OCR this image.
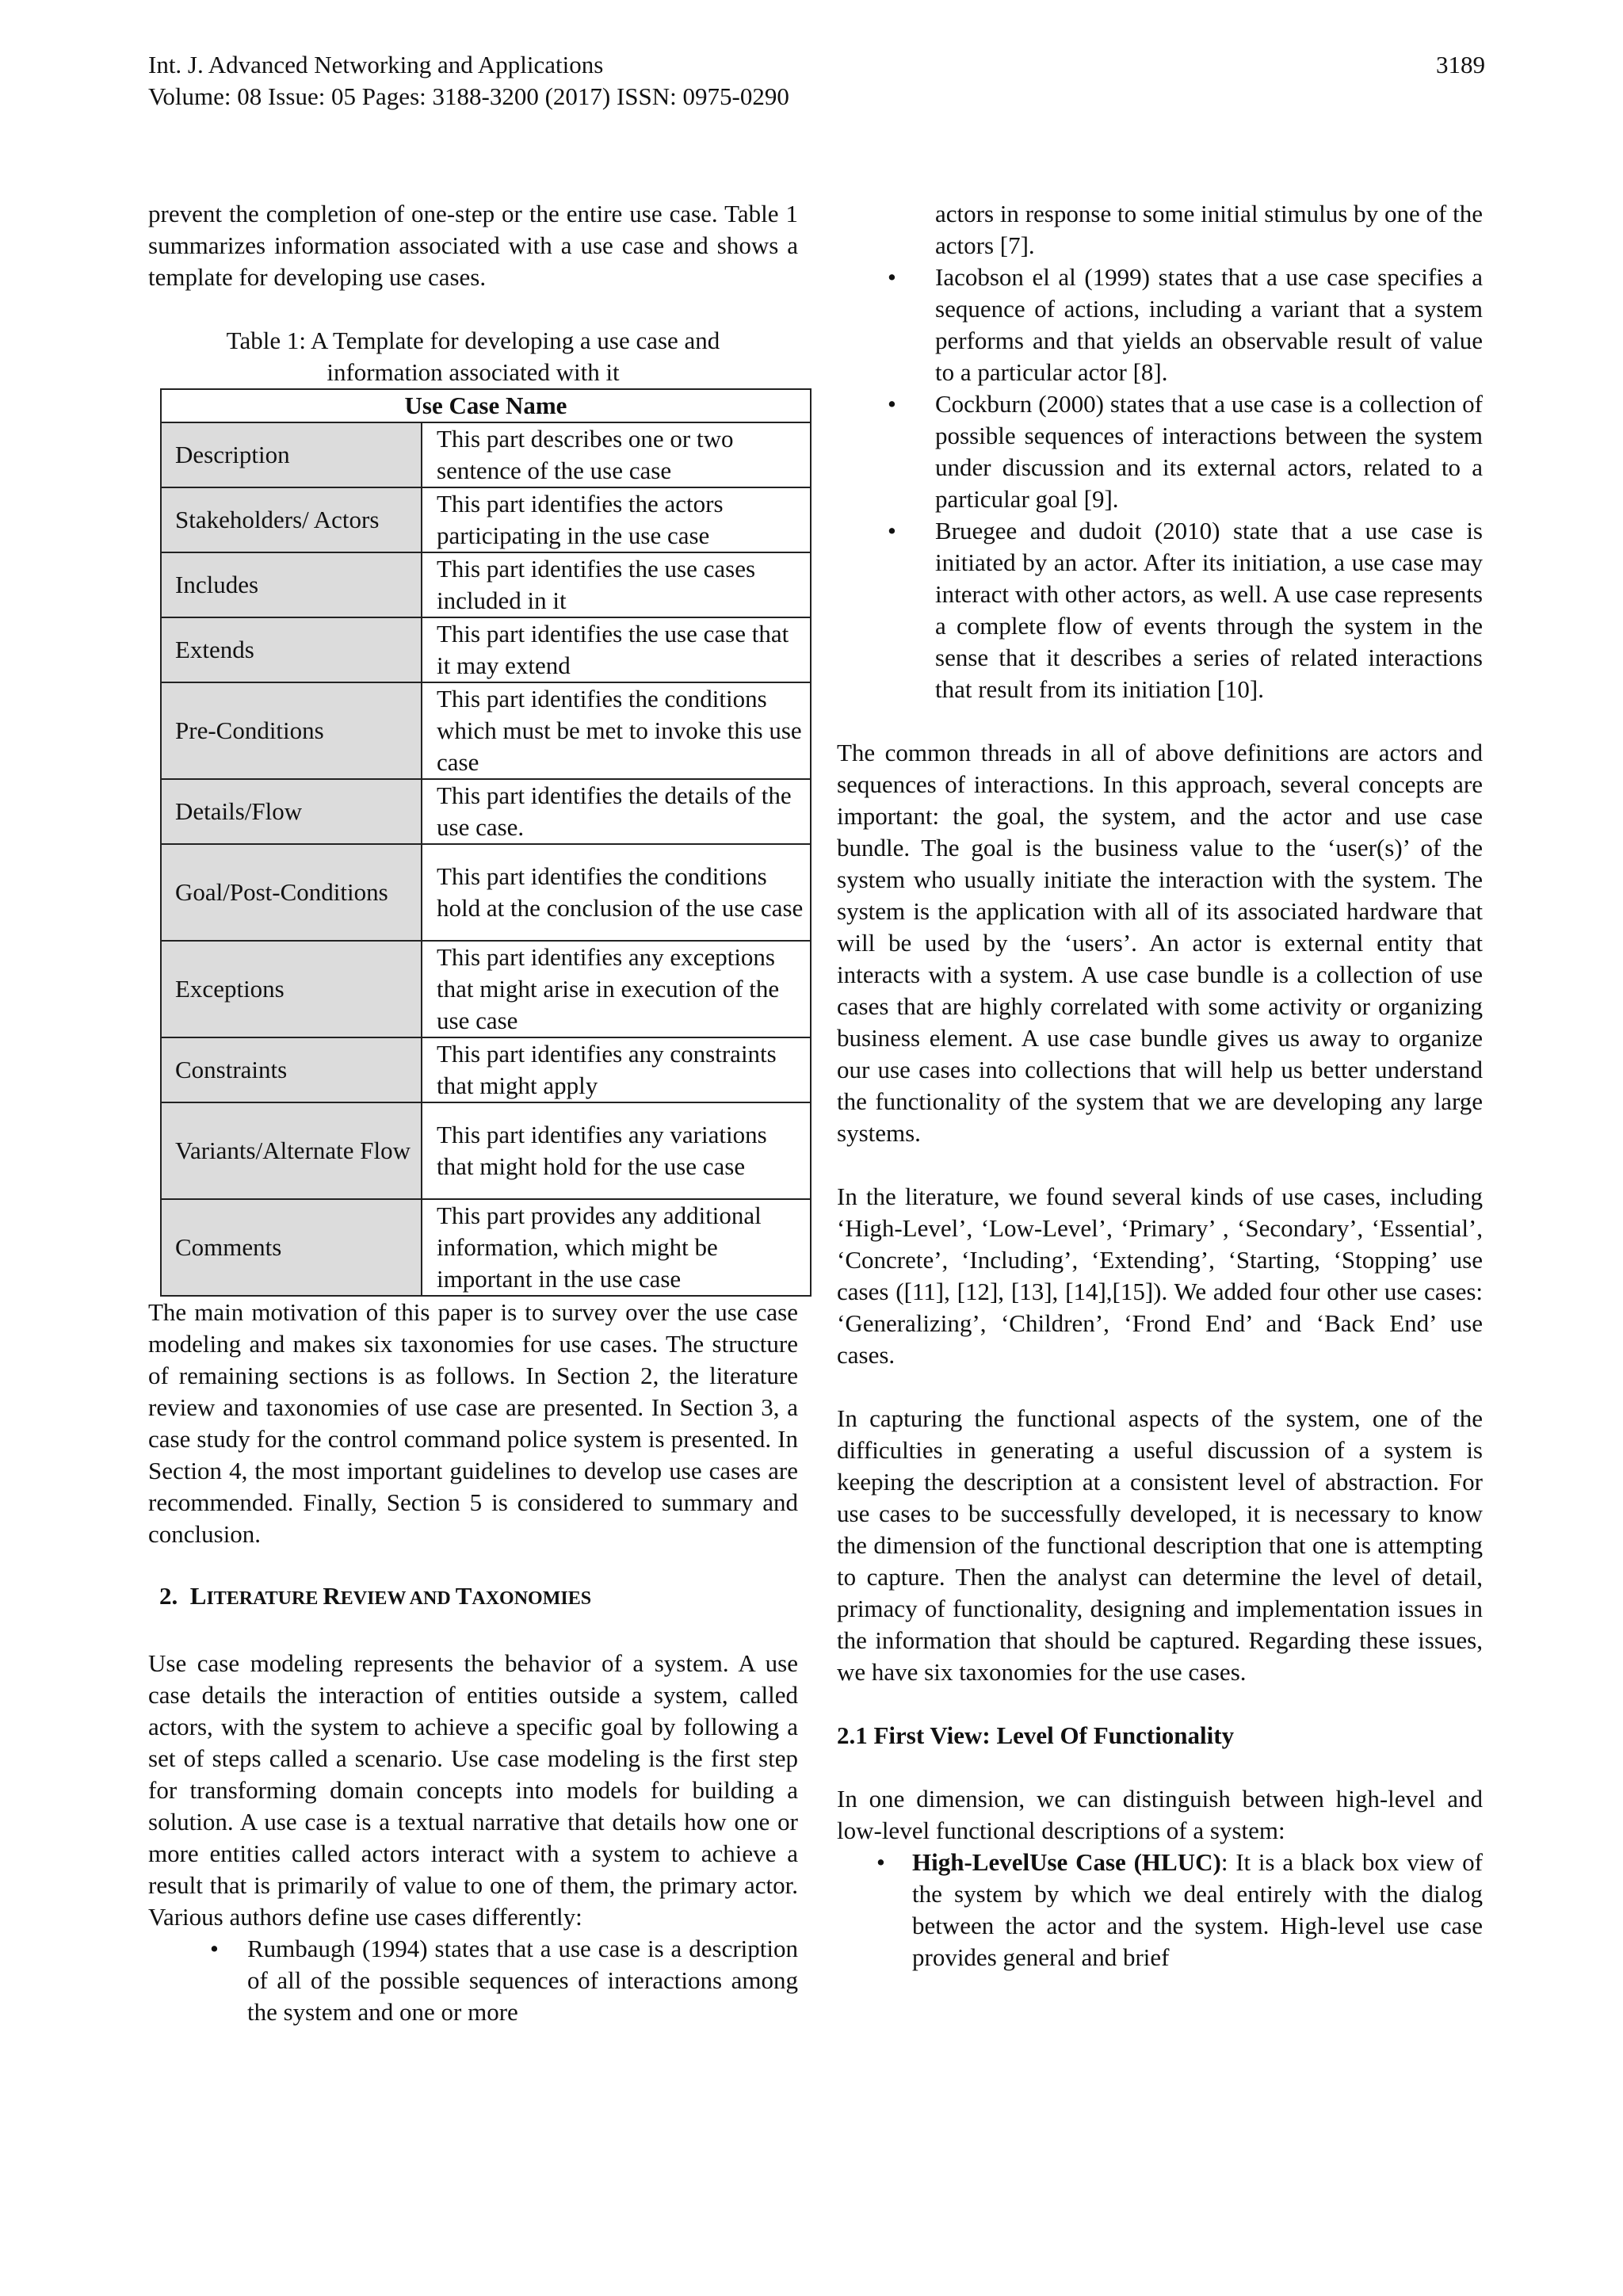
Int. J. Advanced Networking and Applications
Volume: 08 Issue: 05 Pages: 3188-3200 (2017) ISSN: 0975-0290
3189

prevent the completion of one-step or the entire use case. Table 1 summarizes information associated with a use case and shows a template for developing use cases.

Table 1: A Template for developing a use case and

information associated with it

Use Case Name	
Description	This part describes one or two sentence of the use case
Stakeholders/ Actors	This part identifies the actors participating in the use case
Includes	This part identifies the use cases included in it
Extends	This part identifies the use case that it may extend
Pre-Conditions	This part identifies the conditions which must be met to invoke this use case
Details/Flow	This part identifies the details of the use case.
Goal/Post-Conditions	This part identifies the conditions hold at the conclusion of the use case
Exceptions	This part identifies any exceptions that might arise in execution of the use case
Constraints	This part identifies any constraints that might apply
Variants/Alternate Flow	This part identifies any variations that might hold for the use case
Comments	This part provides any additional information, which might be important in the use case

The main motivation of this paper is to survey over the use case modeling and makes six taxonomies for use cases. The structure of remaining sections is as follows. In Section 2, the literature review and taxonomies of use case are presented. In Section 3, a case study for the control command police system is presented. In Section 4, the most important guidelines to develop use cases are recommended. Finally, Section 5 is considered to summary and conclusion.

2. LITERATURE REVIEW AND TAXONOMIES

Use case modeling represents the behavior of a system. A use case details the interaction of entities outside a system, called actors, with the system to achieve a specific goal by following a set of steps called a scenario. Use case modeling is the first step for transforming domain concepts into models for building a solution. A use case is a textual narrative that details how one or more entities called actors interact with a system to achieve a result that is primarily of value to one of them, the primary actor. Various authors define use cases differently:

• Rumbaugh (1994) states that a use case is a description of all of the possible sequences of interactions among the system and one or more
actors in response to some initial stimulus by one of the actors [7].
• Iacobson el al (1999) states that a use case specifies a sequence of actions, including a variant that a system performs and that yields an observable result of value to a particular actor [8].
• Cockburn (2000) states that a use case is a collection of possible sequences of interactions between the system under discussion and its external actors, related to a particular goal [9].
• Bruegee and dudoit (2010) state that a use case is initiated by an actor. After its initiation, a use case may interact with other actors, as well. A use case represents a complete flow of events through the system in the sense that it describes a series of related interactions that result from its initiation [10].

The common threads in all of above definitions are actors and sequences of interactions. In this approach, several concepts are important: the goal, the system, and the actor and use case bundle. The goal is the business value to the ‘user(s)’ of the system who usually initiate the interaction with the system. The system is the application with all of its associated hardware that will be used by the ‘users’. An actor is external entity that interacts with a system. A use case bundle is a collection of use cases that are highly correlated with some activity or organizing business element. A use case bundle gives us away to organize our use cases into collections that will help us better understand the functionality of the system that we are developing any large systems.

In the literature, we found several kinds of use cases, including ‘High-Level’, ‘Low-Level’, ‘Primary’ , ‘Secondary’, ‘Essential’, ‘Concrete’, ‘Including’, ‘Extending’, ‘Starting, ‘Stopping’ use cases ([11], [12], [13], [14],[15]). We added four other use cases: ‘Generalizing’, ‘Children’, ‘Frond End’ and ‘Back End’ use cases.

In capturing the functional aspects of the system, one of the difficulties in generating a useful discussion of a system is keeping the description at a consistent level of abstraction. For use cases to be successfully developed, it is necessary to know the dimension of the functional description that one is attempting to capture. Then the analyst can determine the level of detail, primacy of functionality, designing and implementation issues in the information that should be captured. Regarding these issues, we have six taxonomies for the use cases.

2.1 First View: Level Of Functionality

In one dimension, we can distinguish between high-level and low-level functional descriptions of a system:

• High-LevelUse Case (HLUC): It is a black box view of the system by which we deal entirely with the dialog between the actor and the system. High-level use case provides general and brief
